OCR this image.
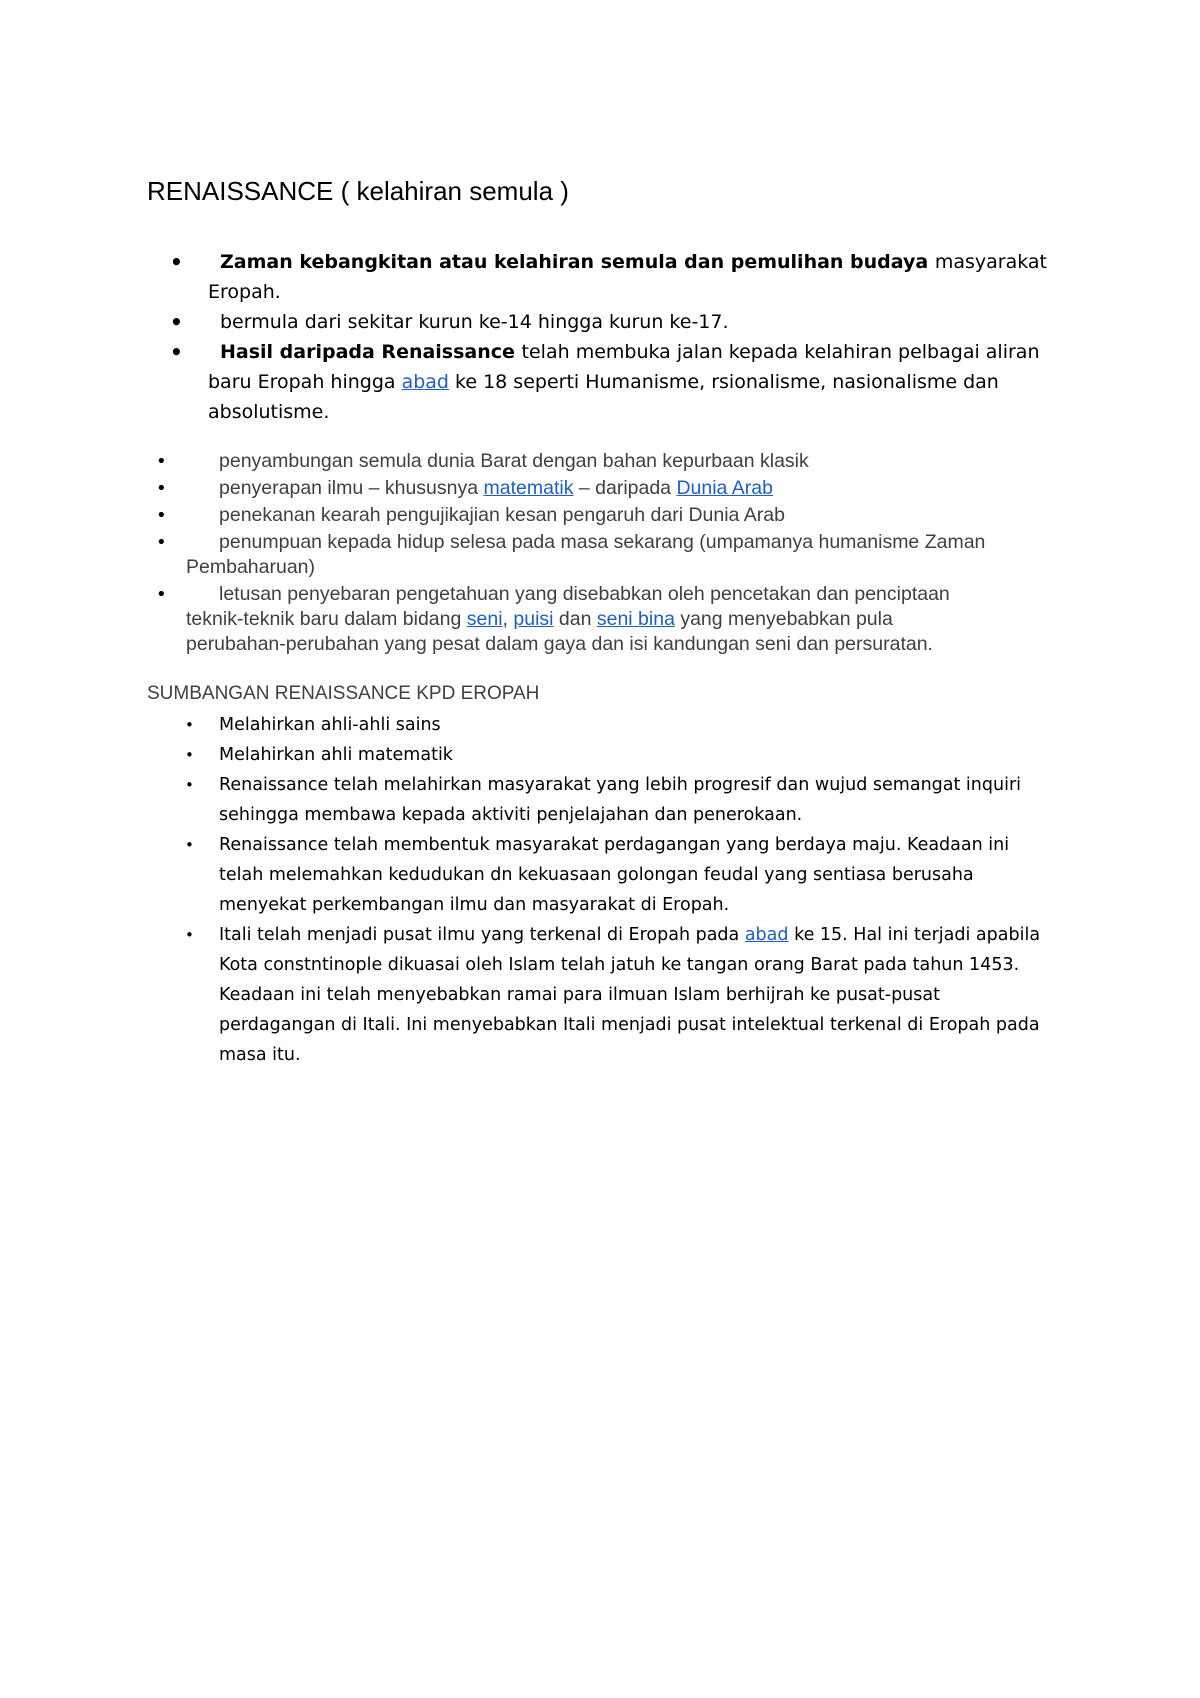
RENAISSANCE ( kelahiran semula )
• Zaman kebangkitan atau kelahiran semula dan pemulihan budaya masyarakat
Eropah.
• bermula dari sekitar kurun ke-14 hingga kurun ke-17.
• Hasil daripada Renaissance telah membuka jalan kepada kelahiran pelbagai aliran
baru Eropah hingga abad ke 18 seperti Humanisme, rsionalisme, nasionalisme dan
absolutisme.
•	penyambungan semula dunia Barat dengan bahan kepurbaan klasik
•	penyerapan ilmu – khususnya matematik – daripada Dunia Arab
•	penekanan kearah pengujikajian kesan pengaruh dari Dunia Arab
•	penumpuan kepada hidup selesa pada masa sekarang (umpamanya humanisme Zaman
Pembaharuan)
•	letusan penyebaran pengetahuan yang disebabkan oleh pencetakan dan penciptaan
teknik-teknik baru dalam bidang seni, puisi dan seni bina yang menyebabkan pula
perubahan-perubahan yang pesat dalam gaya dan isi kandungan seni dan persuratan.
SUMBANGAN RENAISSANCE KPD EROPAH
• Melahirkan ahli-ahli sains
• Melahirkan ahli matematik
• Renaissance telah melahirkan masyarakat yang lebih progresif dan wujud semangat inquiri
sehingga membawa kepada aktiviti penjelajahan dan penerokaan.
• Renaissance telah membentuk masyarakat perdagangan yang berdaya maju. Keadaan ini
telah melemahkan kedudukan dn kekuasaan golongan feudal yang sentiasa berusaha
menyekat perkembangan ilmu dan masyarakat di Eropah.
• Itali telah menjadi pusat ilmu yang terkenal di Eropah pada abad ke 15. Hal ini terjadi apabila
Kota constntinople dikuasai oleh Islam telah jatuh ke tangan orang Barat pada tahun 1453.
Keadaan ini telah menyebabkan ramai para ilmuan Islam berhijrah ke pusat-pusat
perdagangan di Itali. Ini menyebabkan Itali menjadi pusat intelektual terkenal di Eropah pada
masa itu.
